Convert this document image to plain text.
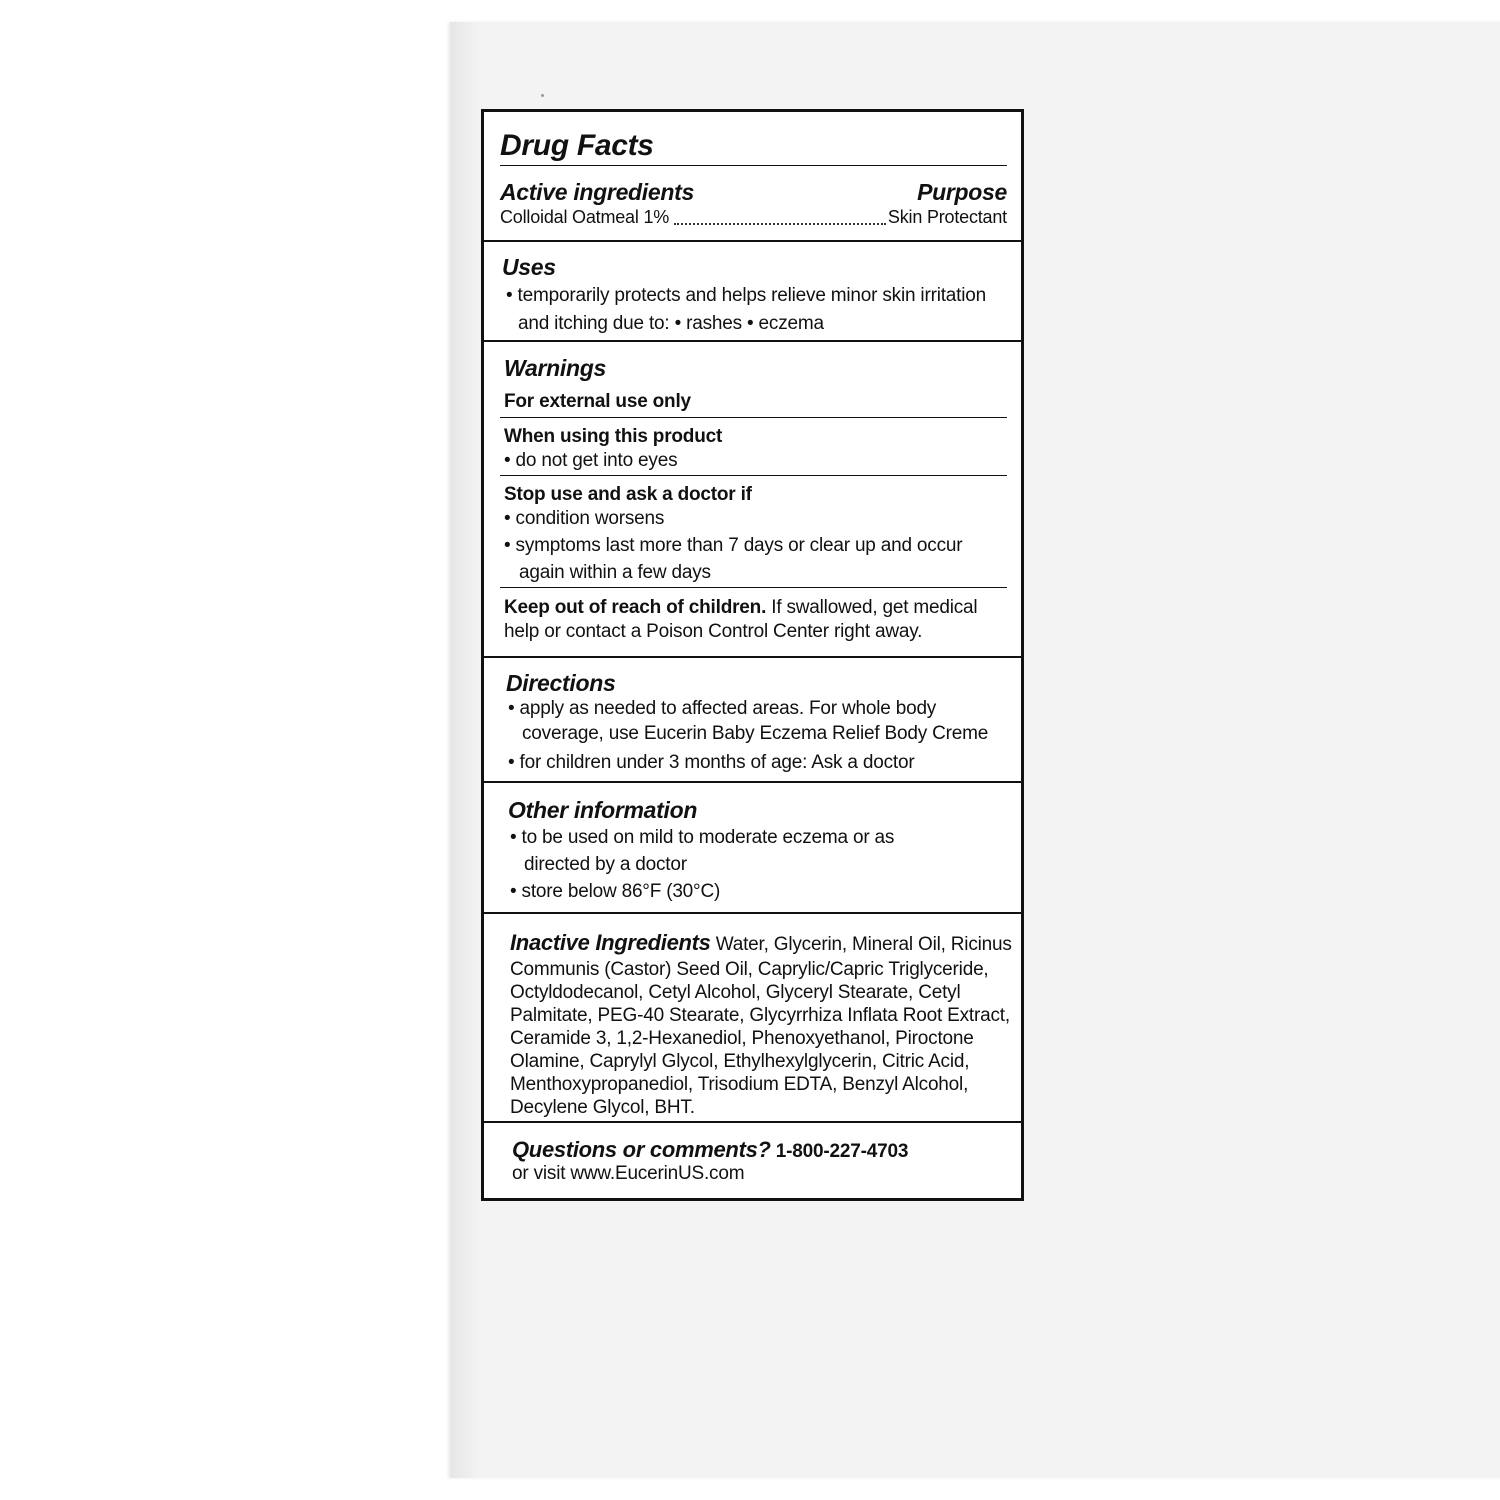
Drug Facts
Active ingredients	Purpose
Colloidal Oatmeal 1%	Skin Protectant
Uses
• temporarily protects and helps relieve minor skin irritation
and itching due to: • rashes • eczema
Warnings
For external use only
When using this product
• do not get into eyes
Stop use and ask a doctor if
• condition worsens
• symptoms last more than 7 days or clear up and occur
again within a few days
Keep out of reach of children. If swallowed, get medical
help or contact a Poison Control Center right away.
Directions
• apply as needed to affected areas. For whole body
coverage, use Eucerin Baby Eczema Relief Body Creme
• for children under 3 months of age: Ask a doctor
Other information
• to be used on mild to moderate eczema or as
directed by a doctor
• store below 86°F (30°C)
Inactive Ingredients Water, Glycerin, Mineral Oil, Ricinus
Communis (Castor) Seed Oil, Caprylic/Capric Triglyceride,
Octyldodecanol, Cetyl Alcohol, Glyceryl Stearate, Cetyl
Palmitate, PEG-40 Stearate, Glycyrrhiza Inflata Root Extract,
Ceramide 3, 1,2-Hexanediol, Phenoxyethanol, Piroctone
Olamine, Caprylyl Glycol, Ethylhexylglycerin, Citric Acid,
Menthoxypropanediol, Trisodium EDTA, Benzyl Alcohol,
Decylene Glycol, BHT.
Questions or comments? 1-800-227-4703
or visit www.EucerinUS.com
